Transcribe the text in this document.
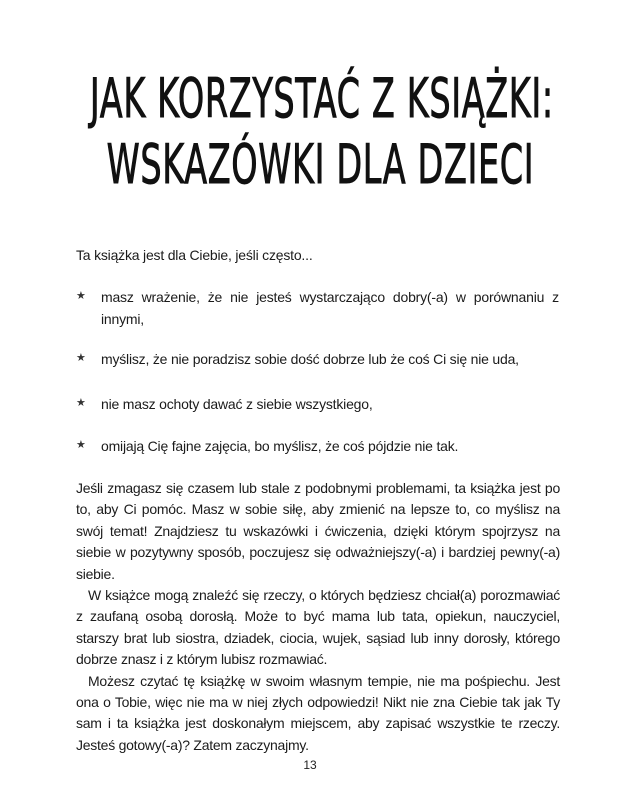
JAK KORZYSTAĆ Z KSIĄŻKI:
WSKAZÓWKI DLA DZIECI

Ta książka jest dla Ciebie, jeśli często...

★ masz wrażenie, że nie jesteś wystarczająco dobry(-a) w porównaniu z innymi,
★ myślisz, że nie poradzisz sobie dość dobrze lub że coś Ci się nie uda,
★ nie masz ochoty dawać z siebie wszystkiego,
★ omijają Cię fajne zajęcia, bo myślisz, że coś pójdzie nie tak.

Jeśli zmagasz się czasem lub stale z podobnymi problemami, ta książka jest po to, aby Ci pomóc. Masz w sobie siłę, aby zmienić na lepsze to, co myślisz na swój temat! Znajdziesz tu wskazówki i ćwiczenia, dzięki którym spojrzysz na siebie w pozytywny sposób, poczujesz się odważniejszy(-a) i bardziej pewny(-a) siebie.

W książce mogą znaleźć się rzeczy, o których będziesz chciał(a) porozmawiać z zaufaną osobą dorosłą. Może to być mama lub tata, opiekun, nauczyciel, starszy brat lub siostra, dziadek, ciocia, wujek, sąsiad lub inny dorosły, którego dobrze znasz i z którym lubisz rozmawiać.

Możesz czytać tę książkę w swoim własnym tempie, nie ma pośpiechu. Jest ona o Tobie, więc nie ma w niej złych odpowiedzi! Nikt nie zna Ciebie tak jak Ty sam i ta książka jest doskonałym miejscem, aby zapisać wszystkie te rzeczy. Jesteś gotowy(-a)? Zatem zaczynajmy.

13
